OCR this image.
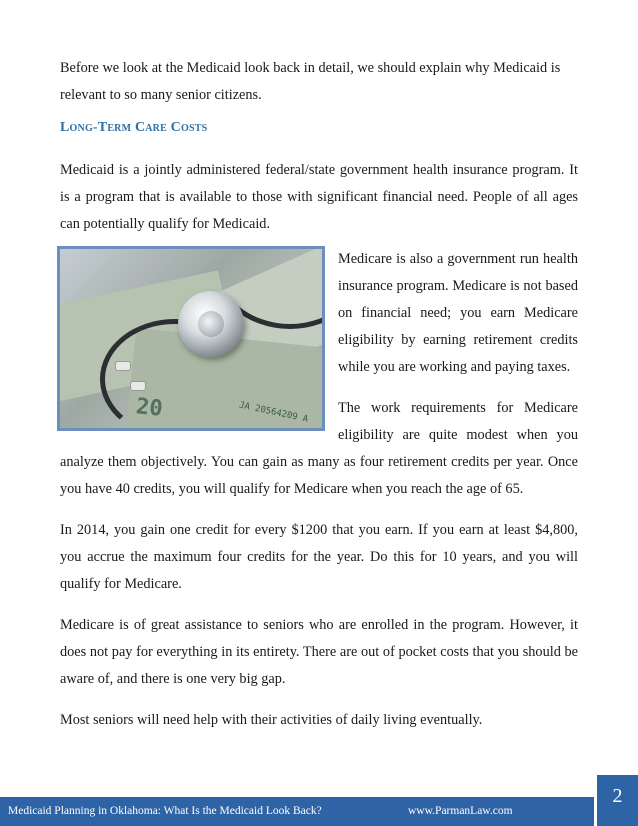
Before we look at the Medicaid look back in detail, we should explain why Medicaid is relevant to so many senior citizens.

Long-Term Care Costs

Medicaid is a jointly administered federal/state government health insurance program. It is a program that is available to those with significant financial need. People of all ages can potentially qualify for Medicaid.

JA 20564209 A
20

Medicare is also a government run health insurance program. Medicare is not based on financial need; you earn Medicare eligibility by earning retirement credits while you are working and paying taxes.

The work requirements for Medicare eligibility are quite modest when you analyze them objectively. You can gain as many as four retirement credits per year. Once you have 40 credits, you will qualify for Medicare when you reach the age of 65.

In 2014, you gain one credit for every $1200 that you earn. If you earn at least $4,800, you accrue the maximum four credits for the year. Do this for 10 years, and you will qualify for Medicare.

Medicare is of great assistance to seniors who are enrolled in the program. However, it does not pay for everything in its entirety. There are out of pocket costs that you should be aware of, and there is one very big gap.

Most seniors will need help with their activities of daily living eventually.

Medicaid Planning in Oklahoma: What Is the Medicaid Look Back?	www.ParmanLaw.com
2
